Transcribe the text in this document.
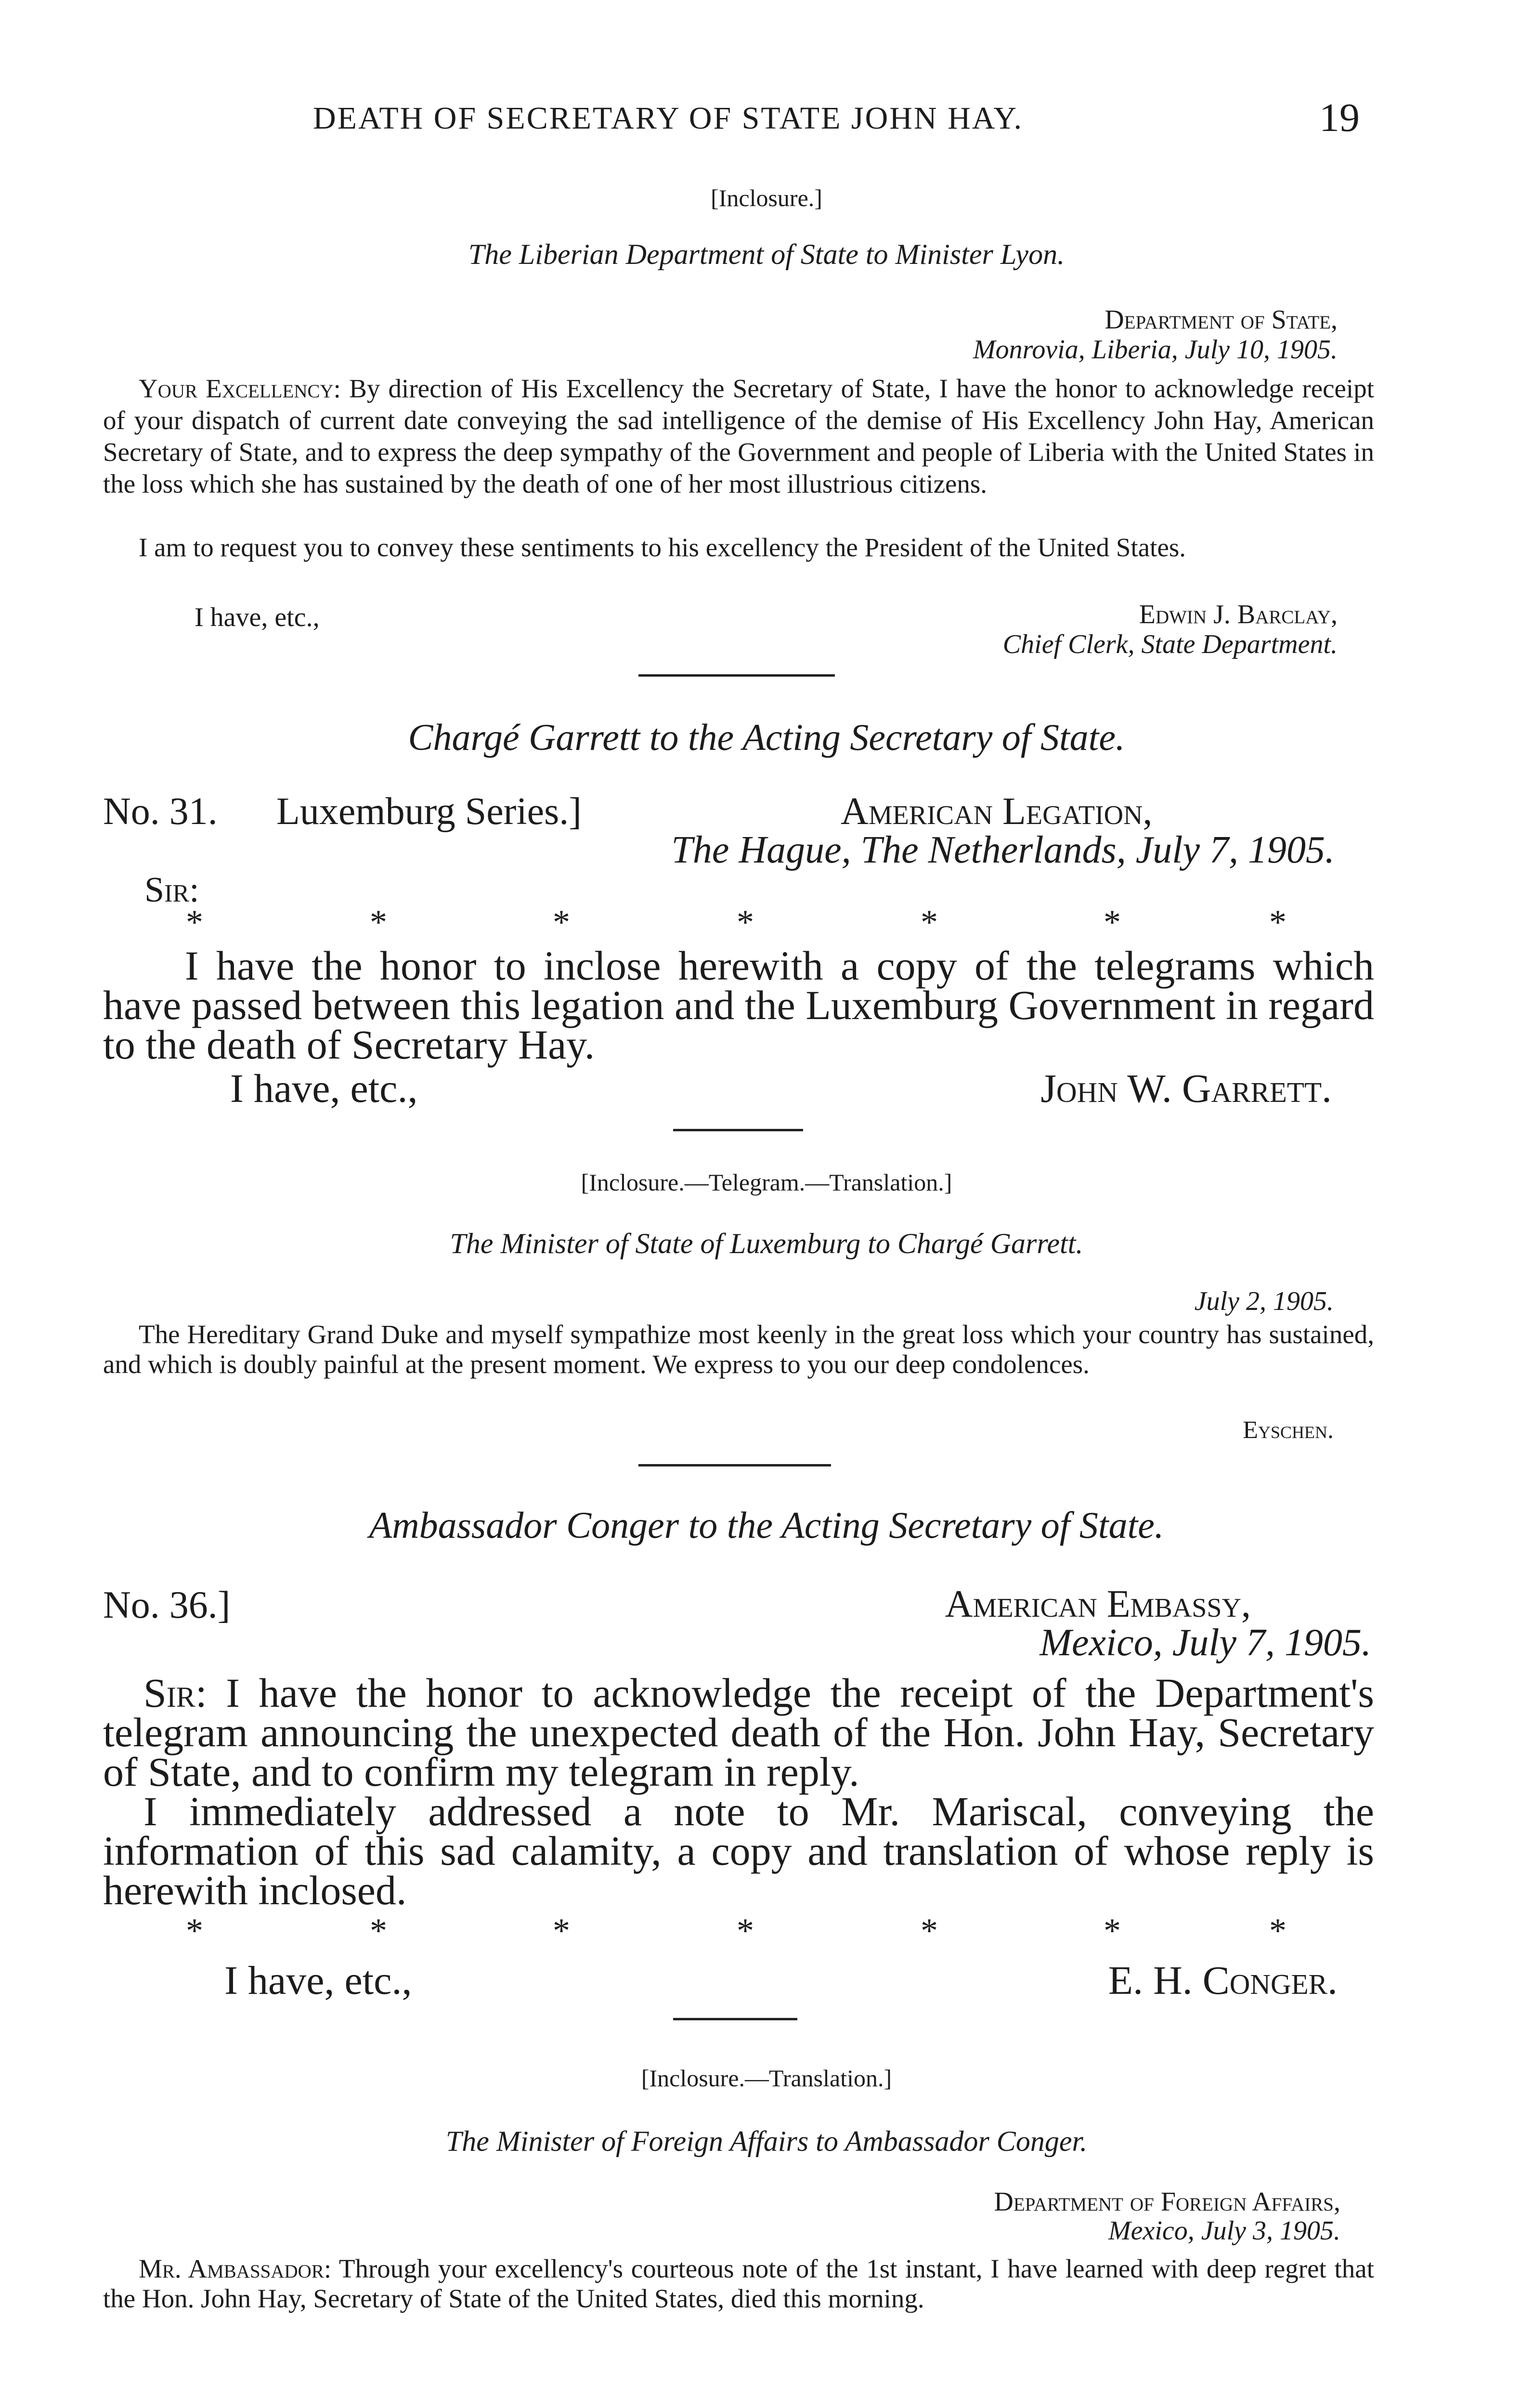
DEATH OF SECRETARY OF STATE JOHN HAY.	19
[Inclosure.]
The Liberian Department of State to Minister Lyon.
Department of State,
Monrovia, Liberia, July 10, 1905.
Your Excellency: By direction of His Excellency the Secretary of State, I have the honor to acknowledge receipt of your dispatch of current date conveying the sad intelligence of the demise of His Excellency John Hay, American Secretary of State, and to express the deep sympathy of the Government and people of Liberia with the United States in the loss which she has sustained by the death of one of her most illustrious citizens.
I am to request you to convey these sentiments to his excellency the President of the United States.
I have, etc.,	Edwin J. Barclay,
Chief Clerk, State Department.
Chargé Garrett to the Acting Secretary of State.
No. 31. Luxemburg Series.]	American Legation,
The Hague, The Netherlands, July 7, 1905.
Sir:
*	*	*	*	*	*	*
I have the honor to inclose herewith a copy of the telegrams which have passed between this legation and the Luxemburg Government in regard to the death of Secretary Hay.
I have, etc.,	John W. Garrett.
[Inclosure.—Telegram.—Translation.]
The Minister of State of Luxemburg to Chargé Garrett.
July 2, 1905.
The Hereditary Grand Duke and myself sympathize most keenly in the great loss which your country has sustained, and which is doubly painful at the present moment. We express to you our deep condolences.
Eyschen.
Ambassador Conger to the Acting Secretary of State.
No. 36.]	American Embassy,
Mexico, July 7, 1905.
Sir: I have the honor to acknowledge the receipt of the Department's telegram announcing the unexpected death of the Hon. John Hay, Secretary of State, and to confirm my telegram in reply.
I immediately addressed a note to Mr. Mariscal, conveying the information of this sad calamity, a copy and translation of whose reply is herewith inclosed.
*	*	*	*	*	*	*
I have, etc.,	E. H. Conger.
[Inclosure.—Translation.]
The Minister of Foreign Affairs to Ambassador Conger.
Department of Foreign Affairs,
Mexico, July 3, 1905.
Mr. Ambassador: Through your excellency's courteous note of the 1st instant, I have learned with deep regret that the Hon. John Hay, Secretary of State of the United States, died this morning.
